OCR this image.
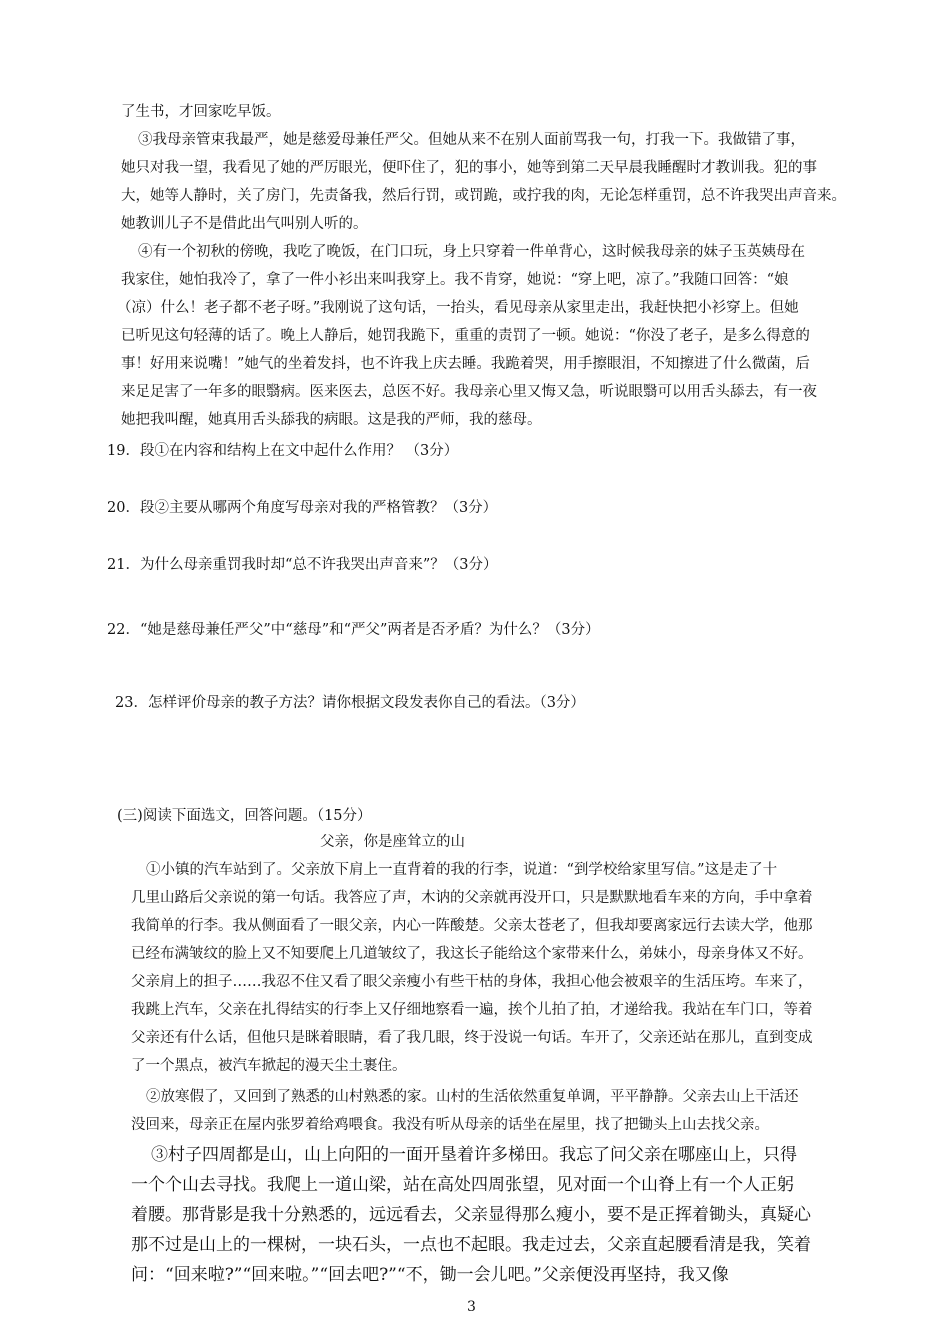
了生书，才回家吃早饭。
③我母亲管束我最严，她是慈爱母兼任严父。但她从来不在别人面前骂我一句，打我一下。我做错了事，
她只对我一望，我看见了她的严厉眼光，便吓住了，犯的事小，她等到第二天早晨我睡醒时才教训我。犯的事
大，她等人静时，关了房门，先责备我，然后行罚，或罚跪，或拧我的肉，无论怎样重罚，总不许我哭出声音来。
她教训儿子不是借此出气叫别人听的。
④有一个初秋的傍晚，我吃了晚饭，在门口玩，身上只穿着一件单背心，这时候我母亲的妹子玉英姨母在
我家住，她怕我冷了，拿了一件小衫出来叫我穿上。我不肯穿，她说：“穿上吧，凉了。”我随口回答：“娘
（凉）什么！老子都不老子呀。”我刚说了这句话，一抬头，看见母亲从家里走出，我赶快把小衫穿上。但她
已听见这句轻薄的话了。晚上人静后，她罚我跪下，重重的责罚了一顿。她说：“你没了老子，是多么得意的
事！好用来说嘴！”她气的坐着发抖，也不许我上庆去睡。我跪着哭，用手擦眼泪，不知擦进了什么微菌，后
来足足害了一年多的眼翳病。医来医去，总医不好。我母亲心里又悔又急，听说眼翳可以用舌头舔去，有一夜
她把我叫醒，她真用舌头舔我的病眼。这是我的严师，我的慈母。
19．段①在内容和结构上在文中起什么作用？ （3分）
20．段②主要从哪两个角度写母亲对我的严格管教？（3分）
21．为什么母亲重罚我时却“总不许我哭出声音来”？（3分）
22．“她是慈母兼任严父”中“慈母”和“严父”两者是否矛盾？为什么？（3分）
23．怎样评价母亲的教子方法？请你根据文段发表你自己的看法。（3分）
(三)阅读下面选文，回答问题。（15分）
父亲，你是座耸立的山
①小镇的汽车站到了。父亲放下肩上一直背着的我的行李，说道：“到学校给家里写信。”这是走了十
几里山路后父亲说的第一句话。我答应了声，木讷的父亲就再没开口，只是默默地看车来的方向，手中拿着
我简单的行李。我从侧面看了一眼父亲，内心一阵酸楚。父亲太苍老了，但我却要离家远行去读大学，他那
已经布满皱纹的脸上又不知要爬上几道皱纹了，我这长子能给这个家带来什么，弟妹小，母亲身体又不好。
父亲肩上的担子……我忍不住又看了眼父亲瘦小有些干枯的身体，我担心他会被艰辛的生活压垮。车来了，
我跳上汽车，父亲在扎得结实的行李上又仔细地察看一遍，挨个儿拍了拍，才递给我。我站在车门口，等着
父亲还有什么话，但他只是眯着眼睛，看了我几眼，终于没说一句话。车开了，父亲还站在那儿，直到变成
了一个黑点，被汽车掀起的漫天尘土裹住。
②放寒假了，又回到了熟悉的山村熟悉的家。山村的生活依然重复单调，平平静静。父亲去山上干活还
没回来，母亲正在屋内张罗着给鸡喂食。我没有听从母亲的话坐在屋里，找了把锄头上山去找父亲。
③村子四周都是山，山上向阳的一面开垦着许多梯田。我忘了问父亲在哪座山上，只得
一个个山去寻找。我爬上一道山梁，站在高处四周张望，见对面一个山脊上有一个人正躬
着腰。那背影是我十分熟悉的，远远看去，父亲显得那么瘦小，要不是正挥着锄头，真疑心
那不过是山上的一棵树，一块石头，一点也不起眼。我走过去，父亲直起腰看清是我，笑着
问：“回来啦?”“回来啦。”“回去吧?”“不，锄一会儿吧。”父亲便没再坚持，我又像
3
